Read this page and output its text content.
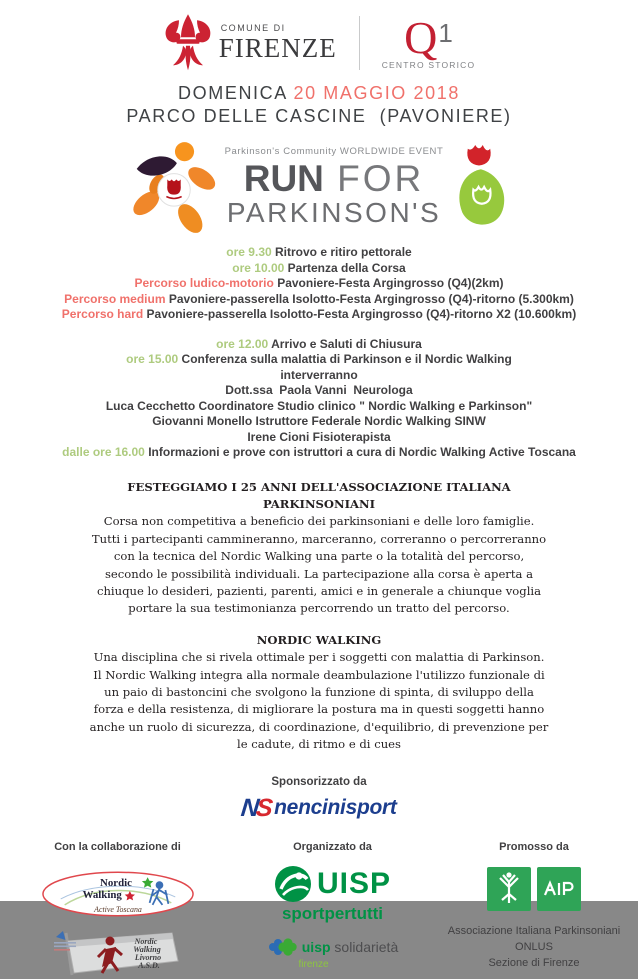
COMUNE DI
FIRENZE Q 1
CENTRO STORICO
DOMENICA 20 MAGGIO 2018
PARCO DELLE CASCINE  (PAVONIERE)
Parkinson's Community WORLDWIDE EVENT
RUN FOR
PARKINSON'S
ore 9.30 Ritrovo e ritiro pettorale
ore 10.00 Partenza della Corsa
Percorso ludico-motorio Pavoniere-Festa Argingrosso (Q4)(2km)
Percorso medium Pavoniere-passerella Isolotto-Festa Argingrosso (Q4)-ritorno (5.300km)
Percorso hard Pavoniere-passerella Isolotto-Festa Argingrosso (Q4)-ritorno X2 (10.600km)
ore 12.00 Arrivo e Saluti di Chiusura
ore 15.00 Conferenza sulla malattia di Parkinson e il Nordic Walking
interverranno
Dott.ssa  Paola Vanni  Neurologa
Luca Cecchetto Coordinatore Studio clinico " Nordic Walking e Parkinson"
Giovanni Monello Istruttore Federale Nordic Walking SINW
Irene Cioni Fisioterapista
dalle ore 16.00 Informazioni e prove con istruttori a cura di Nordic Walking Active Toscana
FESTEGGIAMO I 25 ANNI DELL'ASSOCIAZIONE ITALIANA PARKINSONIANI
Corsa non competitiva a beneficio dei parkinsoniani e delle loro famiglie. Tutti i partecipanti cammineranno, marceranno, correranno o percorreranno con la tecnica del Nordic Walking una parte o la totalità del percorso, secondo le possibilità individuali. La partecipazione alla corsa è aperta a chiuque lo desideri, pazienti, parenti, amici e in generale a chiunque voglia portare la sua testimonianza percorrendo un tratto del percorso.
NORDIC WALKING
Una disciplina che si rivela ottimale per i soggetti con malattia di Parkinson. Il Nordic Walking integra alla normale deambulazione l'utilizzo funzionale di un paio di bastoncini che svolgono la funzione di spinta, di sviluppo della forza e della resistenza, di migliorare la postura ma in questi soggetti hanno anche un ruolo di sicurezza, di coordinazione, d'equilibrio, di prevenzione per le cadute, di ritmo e di cues
Sponsorizzato da
NS nencinisport
Con la collaborazione di
Nordic
Walking
Active Toscana
Nordic
Walking
Livorno
A.S.D.
Organizzato da
UISP
sportpertutti
uisp solidarietà
firenze
Promosso da
Associazione Italiana Parkinsoniani
ONLUS
Sezione di Firenze
